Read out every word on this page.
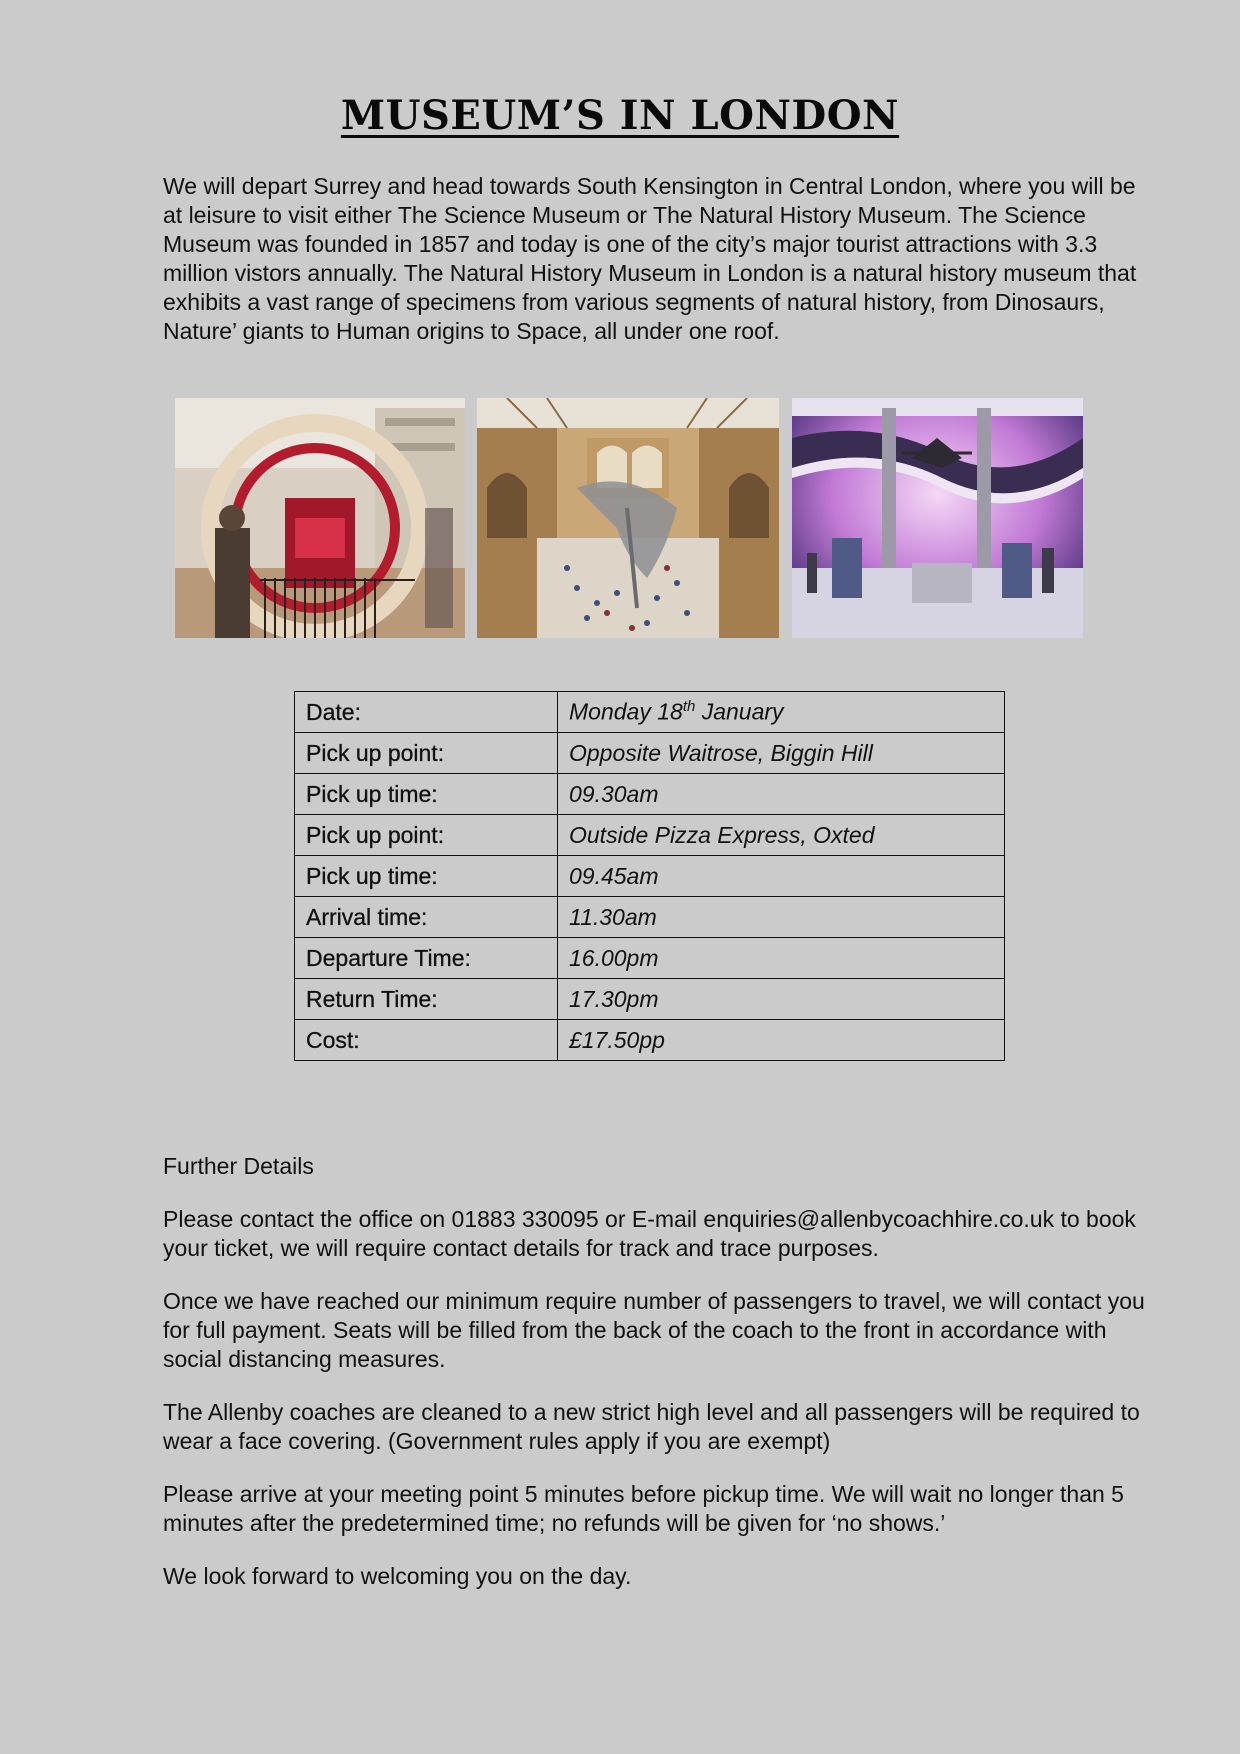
MUSEUM’S IN LONDON

We will depart Surrey and head towards South Kensington in Central London, where you will be at leisure to visit either The Science Museum or The Natural History Museum. The Science Museum was founded in 1857 and today is one of the city’s major tourist attractions with 3.3 million vistors annually. The Natural History Museum in London is a natural history museum that exhibits a vast range of specimens from various segments of natural history, from Dinosaurs, Nature’ giants to Human origins to Space, all under one roof.

Date:	Monday 18th January
Pick up point:	Opposite Waitrose, Biggin Hill
Pick up time:	09.30am
Pick up point:	Outside Pizza Express, Oxted
Pick up time:	09.45am
Arrival time:	11.30am
Departure Time:	16.00pm
Return Time:	17.30pm
Cost:	£17.50pp

Further Details

Please contact the office on 01883 330095 or E-mail enquiries@allenbycoachhire.co.uk to book your ticket, we will require contact details for track and trace purposes.

Once we have reached our minimum require number of passengers to travel, we will contact you for full payment. Seats will be filled from the back of the coach to the front in accordance with social distancing measures.

The Allenby coaches are cleaned to a new strict high level and all passengers will be required to wear a face covering. (Government rules apply if you are exempt)

Please arrive at your meeting point 5 minutes before pickup time. We will wait no longer than 5 minutes after the predetermined time; no refunds will be given for ‘no shows.’

We look forward to welcoming you on the day.
